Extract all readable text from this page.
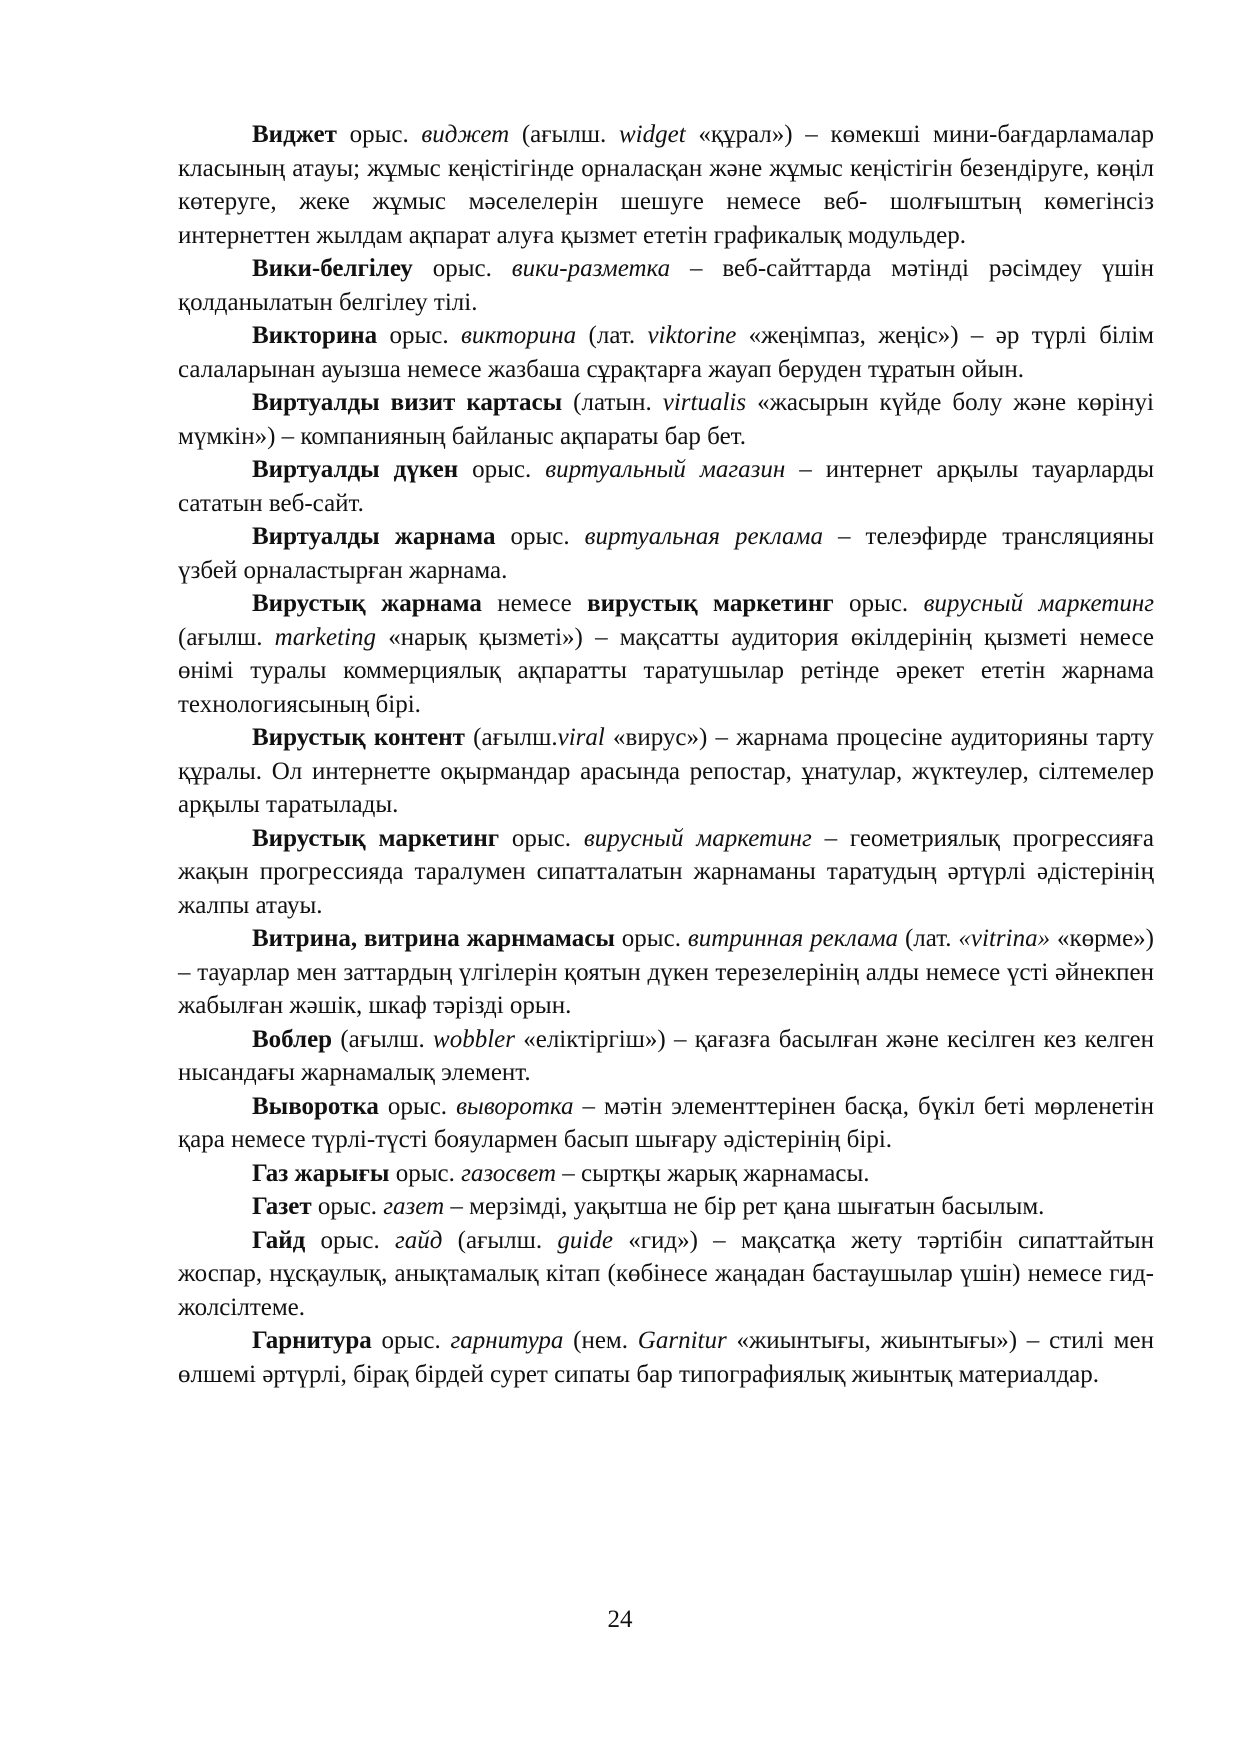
Виджет орыс. виджет (ағылш. widget «құрал») – көмекші мини-бағдарламалар класының атауы; жұмыс кеңістігінде орналасқан және жұмыс кеңістігін безендіруге, көңіл көтеруге, жеке жұмыс мәселелерін шешуге немесе веб- шолғыштың көмегінсіз интернеттен жылдам ақпарат алуға қызмет ететін графикалық модульдер.

Вики-белгілеу орыс. вики-разметка – веб-сайттарда мәтінді рәсімдеу үшін қолданылатын белгілеу тілі.

Викторина орыс. викторина (лат. viktorine «жеңімпаз, жеңіс») – әр түрлі білім салаларынан ауызша немесе жазбаша сұрақтарға жауап беруден тұратын ойын.

Виртуалды визит картасы (латын. virtualis «жасырын күйде болу және көрінуі мүмкін») – компанияның байланыс ақпараты бар бет.

Виртуалды дүкен орыс. виртуальный магазин – интернет арқылы тауарларды сататын веб-сайт.

Виртуалды жарнама орыс. виртуальная реклама – телеэфирде трансляцияны үзбей орналастырған жарнама.

Вирустық жарнама немесе вирустық маркетинг орыс. вирусный маркетинг (ағылш. marketing «нарық қызметі») – мақсатты аудитория өкілдерінің қызметі немесе өнімі туралы коммерциялық ақпаратты таратушылар ретінде әрекет ететін жарнама технологиясының бірі.

Вирустық контент (ағылш.viral «вирус») – жарнама процесіне аудиторияны тарту құралы. Ол интернетте оқырмандар арасында репостар, ұнатулар, жүктеулер, сілтемелер арқылы таратылады.

Вирустық маркетинг орыс. вирусный маркетинг – геометриялық прогрессияға жақын прогрессияда таралумен сипатталатын жарнаманы таратудың әртүрлі әдістерінің жалпы атауы.

Витрина, витрина жарнмамасы орыс. витринная реклама (лат. «vitrina» «көрме») – тауарлар мен заттардың үлгілерін қоятын дүкен терезелерінің алды немесе үсті әйнекпен жабылған жәшік, шкаф тәрізді орын.

Воблер (ағылш. wobbler «еліктіргіш») – қағазға басылған және кесілген кез келген нысандағы жарнамалық элемент.

Выворотка орыс. выворотка – мәтін элементтерінен басқа, бүкіл беті мөрленетін қара немесе түрлі-түсті бояулармен басып шығару әдістерінің бірі.

Газ жарығы орыс. газосвет – сыртқы жарық жарнамасы.

Газет орыс. газет – мерзімді, уақытша не бір рет қана шығатын басылым.

Гайд орыс. гайд (ағылш. guide «гид») – мақсатқа жету тәртібін сипаттайтын жоспар, нұсқаулық, анықтамалық кітап (көбінесе жаңадан бастаушылар үшін) немесе гид-жолсілтеме.

Гарнитура орыс. гарнитура (нем. Garnitur «жиынтығы, жиынтығы») – стилі мен өлшемі әртүрлі, бірақ бірдей сурет сипаты бар типографиялық жиынтық материалдар.

24
